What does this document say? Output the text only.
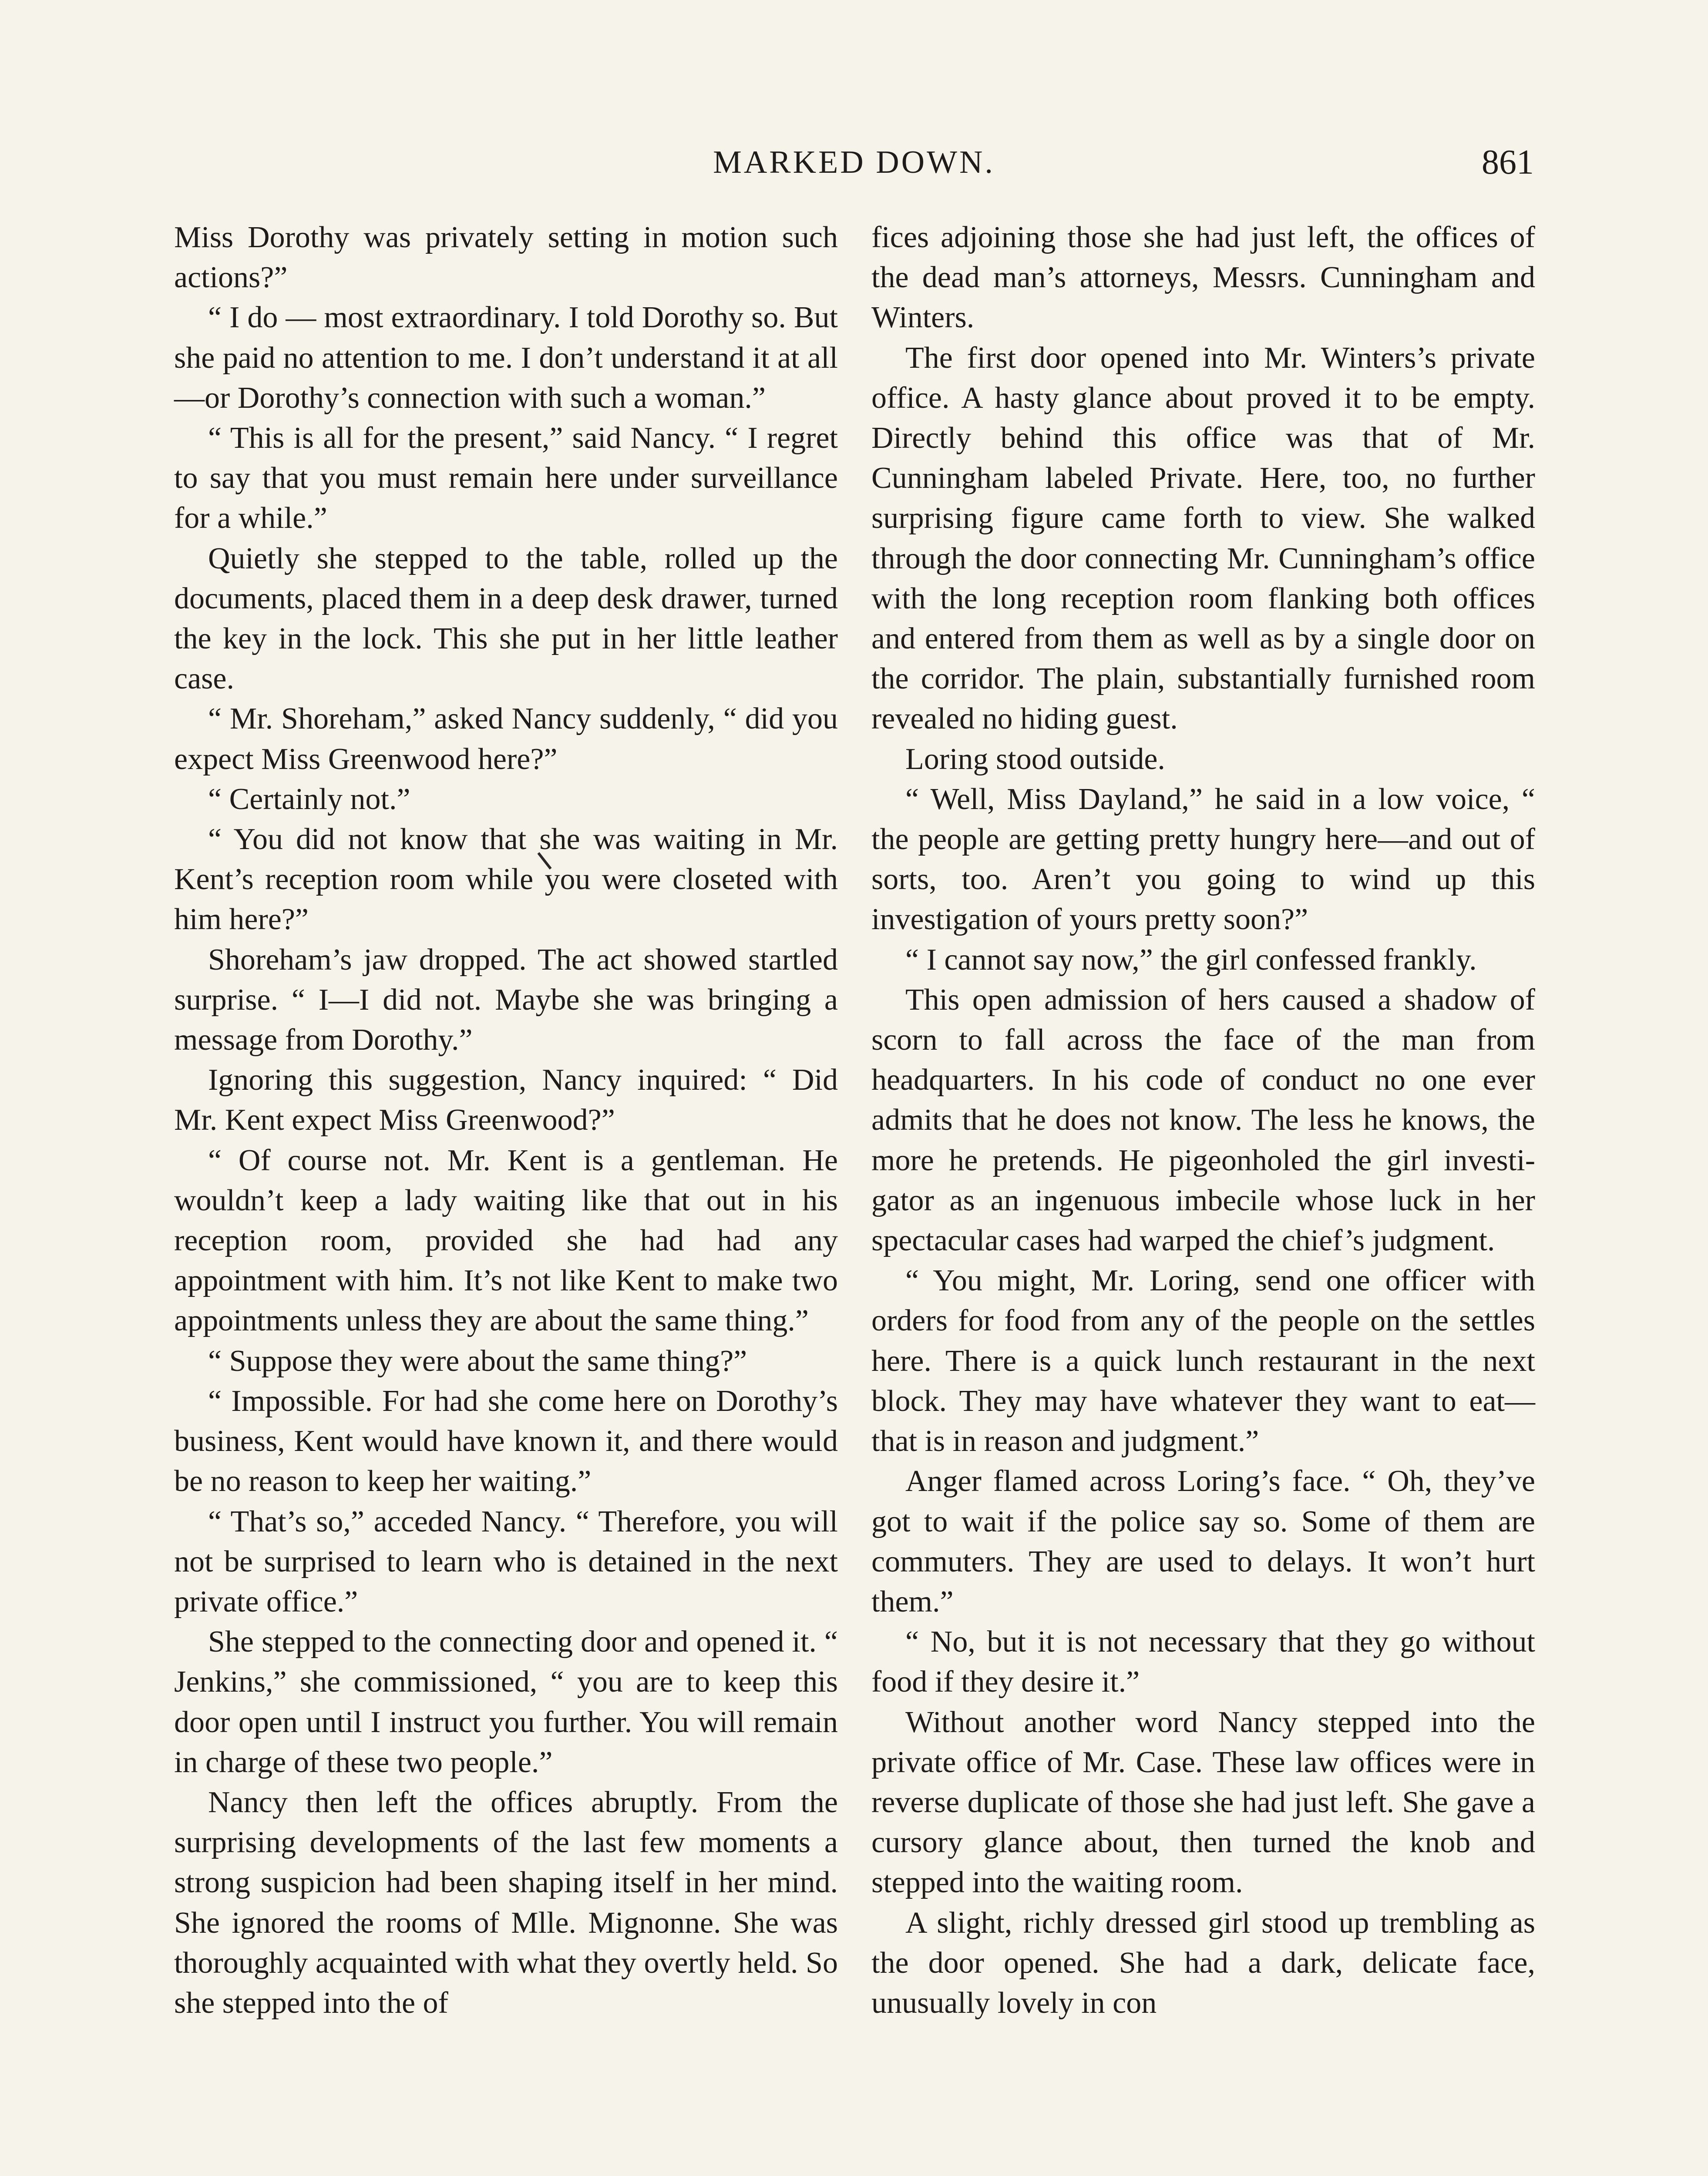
MARKED DOWN.	861

Miss Dorothy was privately setting in motion such actions?”

“ I do — most extraordinary. I told Dorothy so. But she paid no attention to me. I don’t understand it at all—or Dorothy’s connection with such a woman.”

“ This is all for the present,” said Nancy. “ I regret to say that you must remain here under surveillance for a while.”

Quietly she stepped to the table, rolled up the documents, placed them in a deep desk drawer, turned the key in the lock. This she put in her little leather case.

“ Mr. Shoreham,” asked Nancy suddenly, “ did you expect Miss Greenwood here?”

“ Certainly not.”

“ You did not know that she was waiting in Mr. Kent’s reception room while you were closeted with him here?”

Shoreham’s jaw dropped. The act showed startled surprise. “ I—I did not. Maybe she was bringing a message from Dorothy.”

Ignoring this suggestion, Nancy inquired: “ Did Mr. Kent expect Miss Greenwood?”

“ Of course not. Mr. Kent is a gentleman. He wouldn’t keep a lady waiting like that out in his reception room, provided she had had any appointment with him. It’s not like Kent to make two appointments unless they are about the same thing.”

“ Suppose they were about the same thing?”

“ Impossible. For had she come here on Dorothy’s business, Kent would have known it, and there would be no reason to keep her waiting.”

“ That’s so,” acceded Nancy. “ Therefore, you will not be surprised to learn who is detained in the next private office.”

She stepped to the connecting door and opened it. “ Jenkins,” she commissioned, “ you are to keep this door open until I instruct you further. You will remain in charge of these two people.”

Nancy then left the offices abruptly. From the surprising developments of the last few moments a strong suspicion had been shaping itself in her mind. She ignored the rooms of Mlle. Mignonne. She was thoroughly acquainted with what they overtly held. So she stepped into the of

fices adjoining those she had just left, the offices of the dead man’s attorneys, Messrs. Cunningham and Winters.

The first door opened into Mr. Winters’s private office. A hasty glance about proved it to be empty. Directly behind this office was that of Mr. Cunningham labeled Private. Here, too, no further surprising figure came forth to view. She walked through the door connecting Mr. Cunningham’s office with the long reception room flanking both offices and entered from them as well as by a single door on the corridor. The plain, substantially furnished room revealed no hiding guest.

Loring stood outside.

“ Well, Miss Dayland,” he said in a low voice, “ the people are getting pretty hungry here—and out of sorts, too. Aren’t you going to wind up this investigation of yours pretty soon?”

“ I cannot say now,” the girl confessed frankly.

This open admission of hers caused a shadow of scorn to fall across the face of the man from headquarters. In his code of conduct no one ever admits that he does not know. The less he knows, the more he pretends. He pigeonholed the girl investigator as an ingenuous imbecile whose luck in her spectacular cases had warped the chief’s judgment.

“ You might, Mr. Loring, send one officer with orders for food from any of the people on the settles here. There is a quick lunch restaurant in the next block. They may have whatever they want to eat—that is in reason and judgment.”

Anger flamed across Loring’s face. “ Oh, they’ve got to wait if the police say so. Some of them are commuters. They are used to delays. It won’t hurt them.”

“ No, but it is not necessary that they go without food if they desire it.”

Without another word Nancy stepped into the private office of Mr. Case. These law offices were in reverse duplicate of those she had just left. She gave a cursory glance about, then turned the knob and stepped into the waiting room.

A slight, richly dressed girl stood up trembling as the door opened. She had a dark, delicate face, unusually lovely in con
